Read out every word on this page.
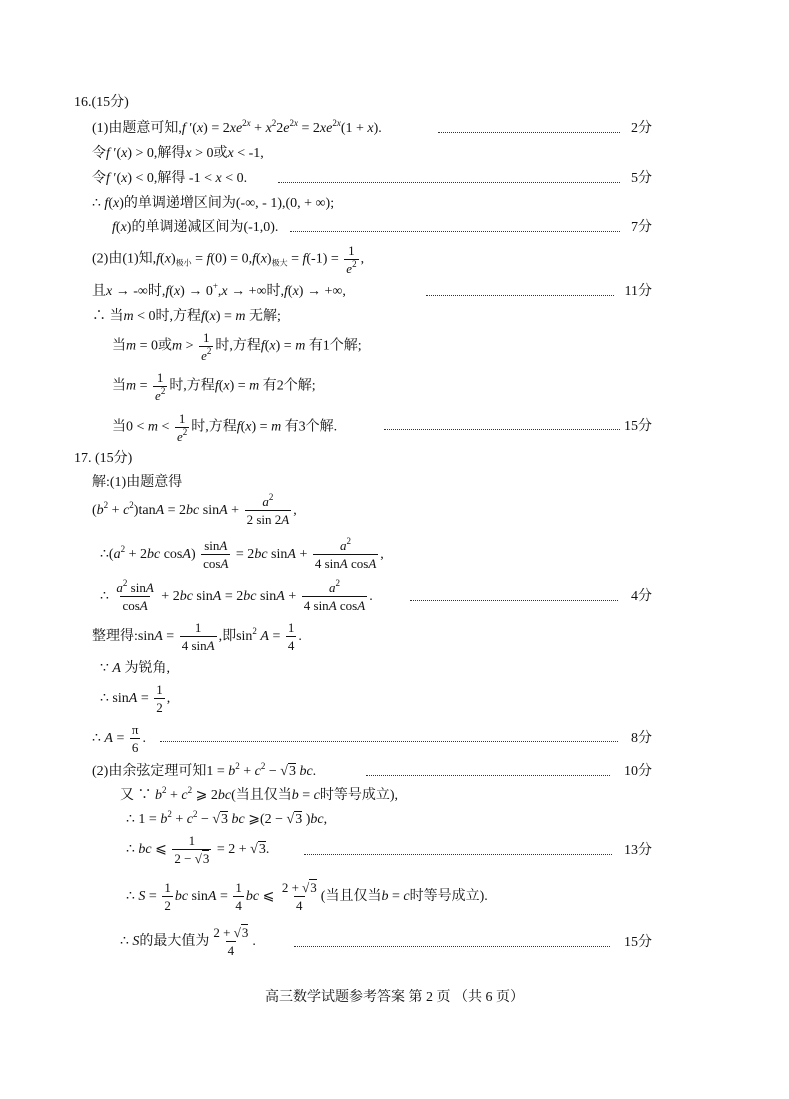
16.(15分)
(1)由题意可知,f $'(x) = 2xe^{2x} + x^22e^{2x} = 2xe^{2x}(1 + x)$.	2分
令f ′(x) > 0,解得x > 0或x < -1,
令f ′(x) < 0,解得 -1 < x < 0.	5分
∴ f(x)的单调递增区间为(-∞, - 1),(0, + ∞);
f(x)的单调递减区间为(-1,0).	7分
(2)由(1)知$,f(x)_{极小} = f(0) = 0,f(x)_{极大} = f(-1) = \frac{1}{e^2}$ ,
且x → -∞时,f(x) → 0+,x → +∞时,f(x) → +∞,	11分
∴ 当m < 0时,方程f(x) = m 无解;
当m = 0或$m > \frac{1}{e^2}$ 时,方程f(x) = m 有1个解;
当$m = \frac{1}{e^2}$ 时,方程f(x) = m 有2个解;
当$0 < m < \frac{1}{e^2}$ 时,方程f(x) = m 有3个解.	15分
17. (15分)
解:(1)由题意得
$(b^2 + c^2)\tan A = 2bc$ $\sin A + \frac{a^2}{2 \sin 2A}$ ,
$\therefore(a^2 + 2bc$ $\cos A) \frac{\sin A}{\cos A} = 2bc$ $\sin A + \frac{a^2}{\text{4 sinA cosA}}$ ,
∴ $\frac{a^2 \sin A}{\cos A} + 2bc$ sinA = 2bc $\sin A + \frac{a^2}{\text{4 sinA cosA}}$ .	4分
整理得:sinA = $\frac{1}{4 \sin A}$ ,即$\sin^2 A = \frac{1}{4}$ .
∵ A 为锐角,
∴ $\sin A = \frac{1}{2}$ ,
∴ $A = \frac{\pi}{6}$ .	8分
(2)由余弦定理可知$1 = b^2 + c^2 - √3$ bc.	10分
又 ∵ $b^2 + c^2$ ⩾ 2bc(当且仅当b = c时等号成立),
∴ $1 = b^2 + c^2 - √3$ bc ⩾(2 − √3 )bc,
∴ bc ⩽ $\frac{1}{2 - √3} = 2 + √3$.	13分
∴ $S = \frac{1}{2}$ bc $\sin A = \frac{1}{4}$ bc ⩽ $\frac{2 + √3}{4}$ (当且仅当b = c时等号成立).
∴ S的最大值为 $\frac{2 + √3}{4}$ .	15分
高三数学试题参考答案 第 2 页 （共 6 页）
